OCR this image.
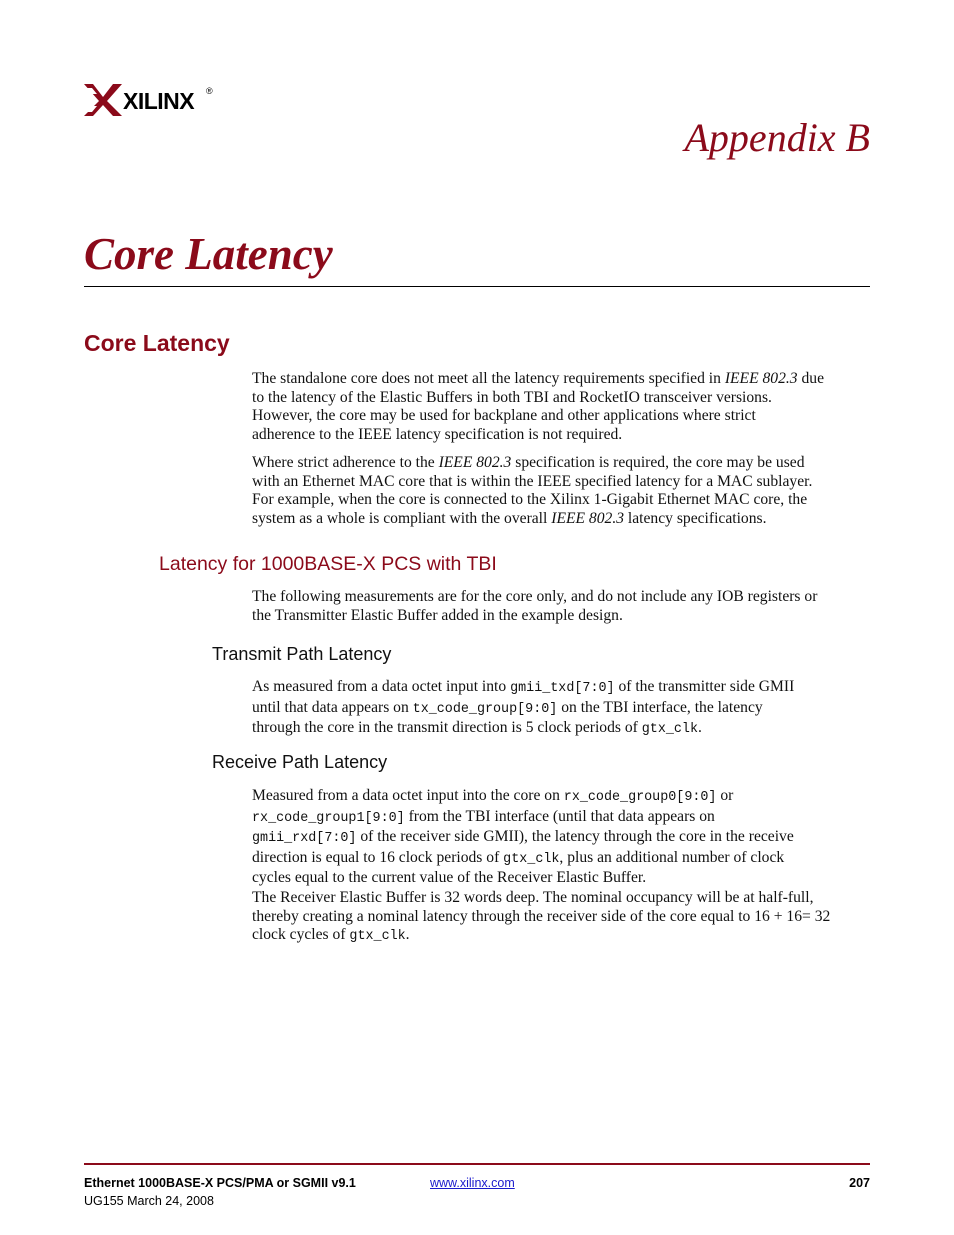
XILINX ®
Appendix B
Core Latency
Core Latency

The standalone core does not meet all the latency requirements specified in IEEE 802.3 due
to the latency of the Elastic Buffers in both TBI and RocketIO transceiver versions.
However, the core may be used for backplane and other applications where strict
adherence to the IEEE latency specification is not required.

Where strict adherence to the IEEE 802.3 specification is required, the core may be used
with an Ethernet MAC core that is within the IEEE specified latency for a MAC sublayer.
For example, when the core is connected to the Xilinx 1-Gigabit Ethernet MAC core, the
system as a whole is compliant with the overall IEEE 802.3 latency specifications.

Latency for 1000BASE-X PCS with TBI

The following measurements are for the core only, and do not include any IOB registers or
the Transmitter Elastic Buffer added in the example design.

Transmit Path Latency

As measured from a data octet input into gmii_txd[7:0] of the transmitter side GMII
until that data appears on tx_code_group[9:0] on the TBI interface, the latency
through the core in the transmit direction is 5 clock periods of gtx_clk.

Receive Path Latency

Measured from a data octet input into the core on rx_code_group0[9:0] or
rx_code_group1[9:0] from the TBI interface (until that data appears on
gmii_rxd[7:0] of the receiver side GMII), the latency through the core in the receive
direction is equal to 16 clock periods of gtx_clk, plus an additional number of clock
cycles equal to the current value of the Receiver Elastic Buffer.

The Receiver Elastic Buffer is 32 words deep. The nominal occupancy will be at half-full,
thereby creating a nominal latency through the receiver side of the core equal to 16 + 16= 32
clock cycles of gtx_clk.

Ethernet 1000BASE-X PCS/PMA or SGMII v9.1
UG155 March 24, 2008
www.xilinx.com	207
